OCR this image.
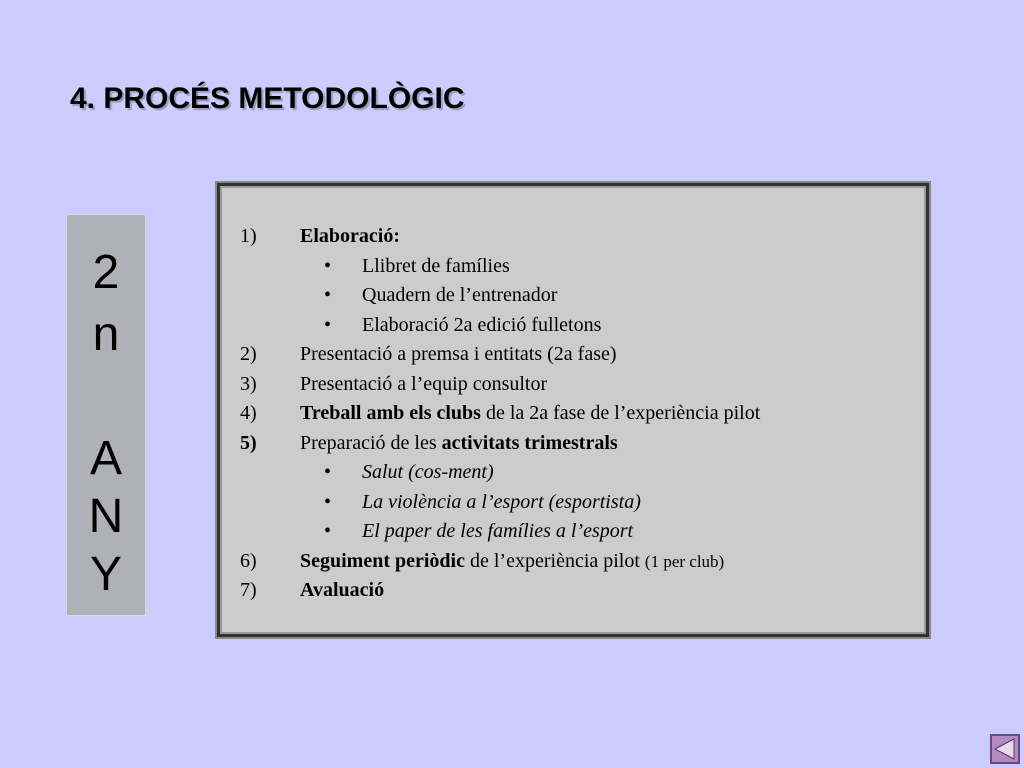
4. PROCÉS METODOLÒGIC
2
n
A
N
Y
1) Elaboració:
• Llibret de famílies
• Quadern de l’entrenador
• Elaboració 2a edició fulletons
2) Presentació a premsa i entitats (2a fase)
3) Presentació a l’equip consultor
4) Treball amb els clubs de la 2a fase de l’experiència pilot
5) Preparació de les activitats trimestrals
• Salut (cos-ment)
• La violència a l’esport (esportista)
• El paper de les famílies a l’esport
6) Seguiment periòdic de l’experiència pilot (1 per club)
7) Avaluació
